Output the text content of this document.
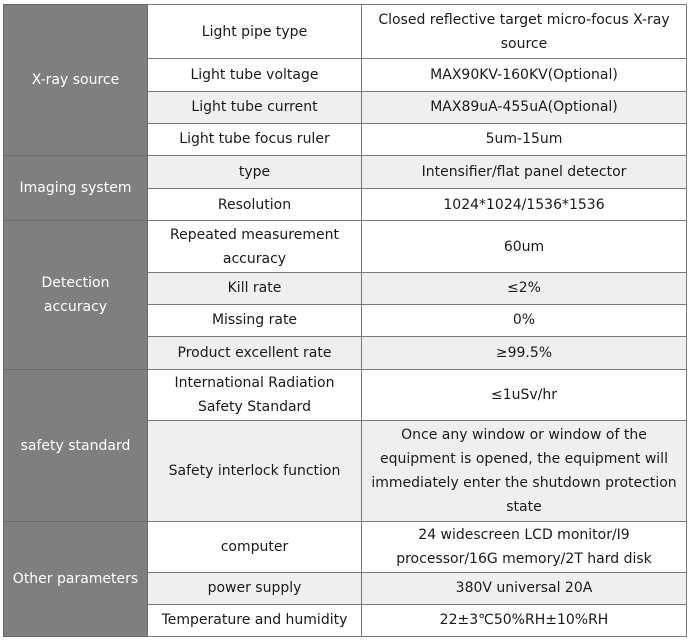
X-ray source	Light pipe type	Closed reflective target micro-focus X-ray source
	Light tube voltage	MAX90KV-160KV(Optional)
	Light tube current	MAX89uA-455uA(Optional)
	Light tube focus ruler	5um-15um
Imaging system	type	Intensifier/flat panel detector
	Resolution	1024*1024/1536*1536
Detection accuracy	Repeated measurement accuracy	60um
	Kill rate	≤2%
	Missing rate	0%
	Product excellent rate	≥99.5%
safety standard	International Radiation Safety Standard	≤1uSv/hr
	Safety interlock function	Once any window or window of the equipment is opened, the equipment will immediately enter the shutdown protection state
Other parameters	computer	24 widescreen LCD monitor/I9 processor/16G memory/2T hard disk
	power supply	380V universal 20A
	Temperature and humidity	22±3℃50%RH±10%RH
